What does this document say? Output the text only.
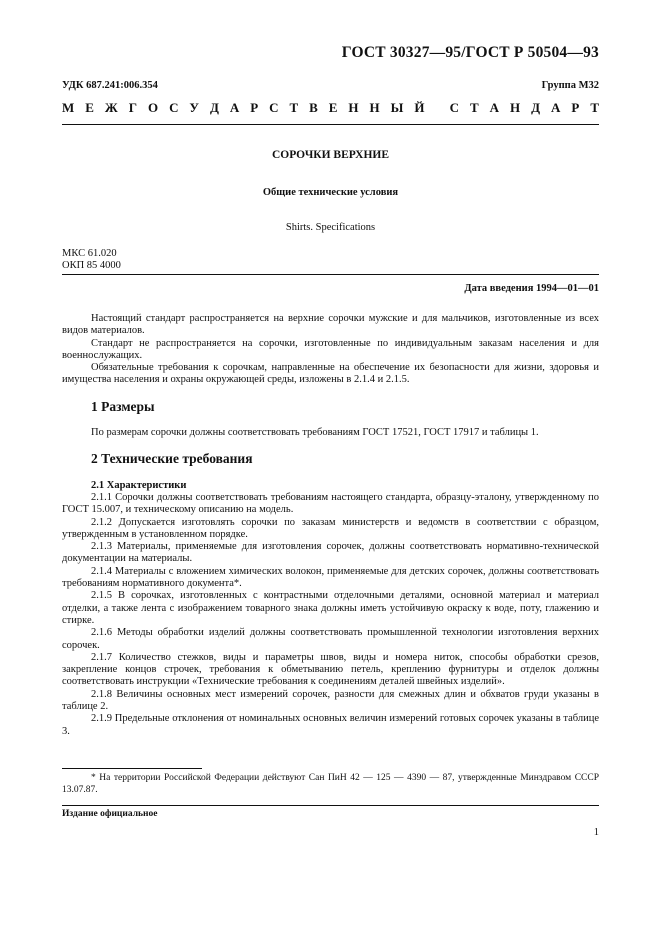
ГОСТ 30327—95/ГОСТ Р 50504—93
УДК 687.241:006.354	Группа М32
М Е Ж Г О С У Д А Р С Т В Е Н Н Ы Й
С Т А Н Д А Р Т
СОРОЧКИ ВЕРХНИЕ
Общие технические условия
Shirts. Specifications
МКС 61.020
ОКП 85 4000
Дата введения 1994—01—01

Настоящий стандарт распространяется на верхние сорочки мужские и для мальчиков, изготовленные из всех видов материалов.

Стандарт не распространяется на сорочки, изготовленные по индивидуальным заказам населения и для военнослужащих.

Обязательные требования к сорочкам, направленные на обеспечение их безопасности для жизни, здоровья и имущества населения и охраны окружающей среды, изложены в 2.1.4 и 2.1.5.

1 Размеры

По размерам сорочки должны соответствовать требованиям ГОСТ 17521, ГОСТ 17917 и таблицы 1.

2 Технические требования
2.1 Характеристики

2.1.1 Сорочки должны соответствовать требованиям настоящего стандарта, образцу-эталону, утвержденному по ГОСТ 15.007, и техническому описанию на модель.

2.1.2 Допускается изготовлять сорочки по заказам министерств и ведомств в соответствии с образцом, утвержденным в установленном порядке.

2.1.3 Материалы, применяемые для изготовления сорочек, должны соответствовать нормативно-технической документации на материалы.

2.1.4 Материалы с вложением химических волокон, применяемые для детских сорочек, должны соответствовать требованиям нормативного документа*.

2.1.5 В сорочках, изготовленных с контрастными отделочными деталями, основной материал и материал отделки, а также лента с изображением товарного знака должны иметь устойчивую окраску к воде, поту, глажению и стирке.

2.1.6 Методы обработки изделий должны соответствовать промышленной технологии изготовления верхних сорочек.

2.1.7 Количество стежков, виды и параметры швов, виды и номера ниток, способы обработки срезов, закрепление концов строчек, требования к обметыванию петель, креплению фурнитуры и отделок должны соответствовать инструкции «Технические требования к соединениям деталей швейных изделий».

2.1.8 Величины основных мест измерений сорочек, разности для смежных длин и обхватов груди указаны в таблице 2.

2.1.9 Предельные отклонения от номинальных основных величин измерений готовых сорочек указаны в таблице 3.

* На территории Российской Федерации действуют Сан ПиН 42 — 125 — 4390 — 87, утвержденные Минздравом СССР 13.07.87.
Издание официальное
1
